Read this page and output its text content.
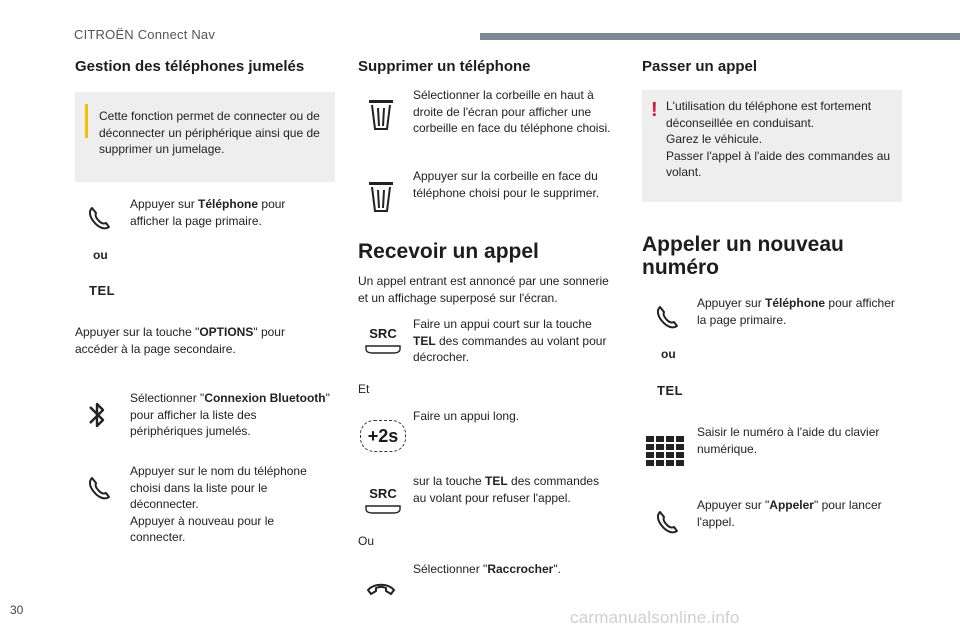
CITROËN Connect Nav
Gestion des téléphones jumelés
Cette fonction permet de connecter ou de déconnecter un périphérique ainsi que de supprimer un jumelage.
Appuyer sur Téléphone pour afficher la page primaire.
ou
TEL
Appuyer sur la touche "OPTIONS" pour accéder à la page secondaire.
Sélectionner "Connexion Bluetooth" pour afficher la liste des périphériques jumelés.
Appuyer sur le nom du téléphone choisi dans la liste pour le déconnecter.
Appuyer à nouveau pour le connecter.
Supprimer un téléphone
Sélectionner la corbeille en haut à droite de l'écran pour afficher une corbeille en face du téléphone choisi.
Appuyer sur la corbeille en face du téléphone choisi pour le supprimer.
Recevoir un appel
Un appel entrant est annoncé par une sonnerie et un affichage superposé sur l'écran.
SRC
Faire un appui court sur la touche TEL des commandes au volant pour décrocher.
Et
+2s
Faire un appui long.
SRC
sur la touche TEL des commandes au volant pour refuser l'appel.
Ou
Sélectionner "Raccrocher".
Passer un appel
! L'utilisation du téléphone est fortement déconseillée en conduisant.
Garez le véhicule.
Passer l'appel à l'aide des commandes au volant.
Appeler un nouveau
numéro
Appuyer sur Téléphone pour afficher la page primaire.
ou
TEL
Saisir le numéro à l'aide du clavier numérique.
Appuyer sur "Appeler" pour lancer l'appel.
30	carmanualsonline.info
